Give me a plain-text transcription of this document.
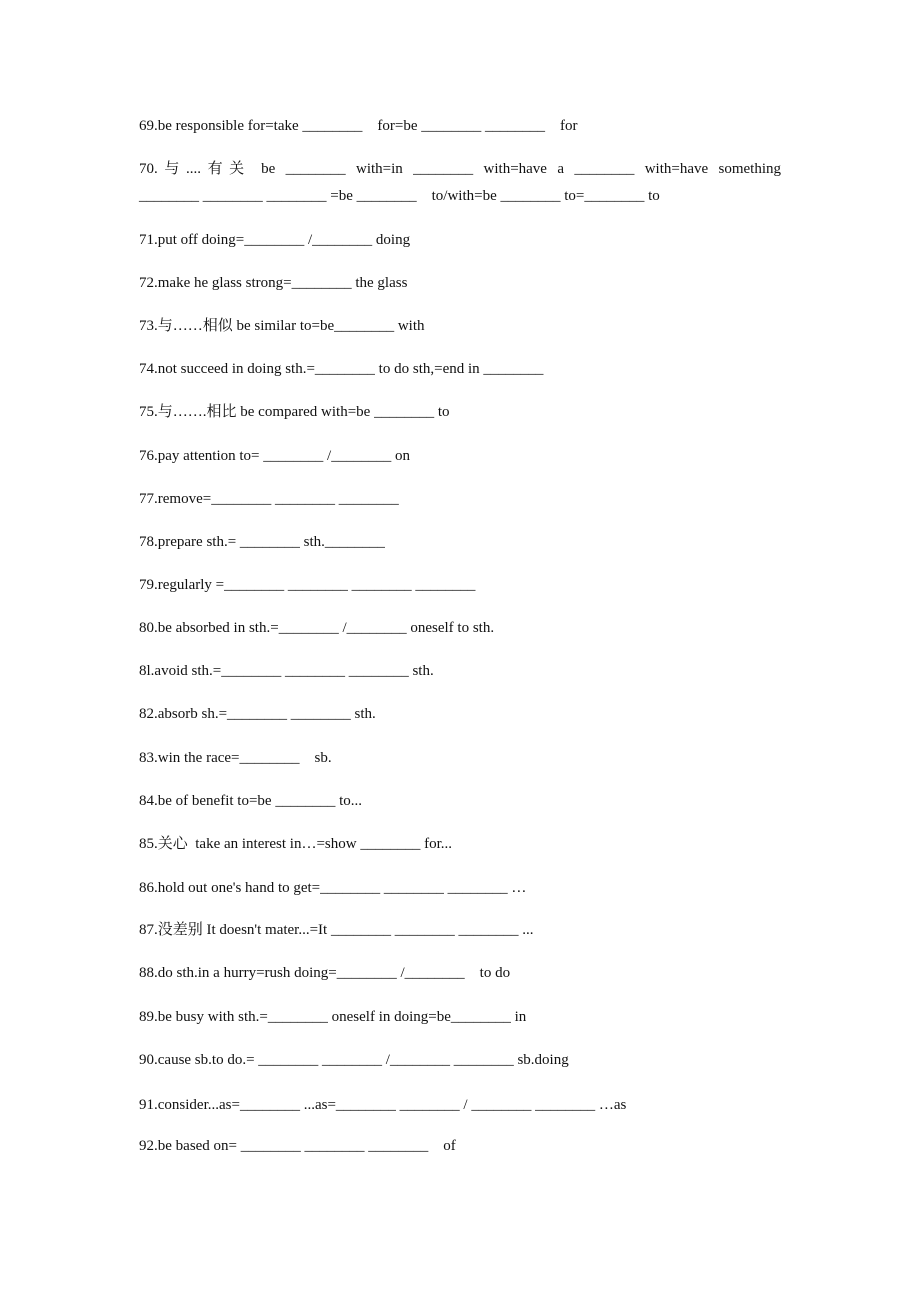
69.be responsible for=take ________    for=be ________ ________    for
70.与....有关 be ________ with=in ________ with=have a ________ with=have something
________ ________ ________ =be ________    to/with=be ________ to=________ to
71.put off doing=________ /________ doing
72.make he glass strong=________ the glass
73.与……相似 be similar to=be________ with
74.not succeed in doing sth.=________ to do sth,=end in ________
75.与…….相比 be compared with=be ________ to
76.pay attention to= ________ /________ on
77.remove=________ ________ ________
78.prepare sth.= ________ sth.________
79.regularly =________ ________ ________ ________
80.be absorbed in sth.=________ /________ oneself to sth.
8l.avoid sth.=________ ________ ________ sth.
82.absorb sh.=________ ________ sth.
83.win the race=________    sb.
84.be of benefit to=be ________ to...
85.关心  take an interest in…=show ________ for...
86.hold out one's hand to get=________ ________ ________ …
87.没差别 It doesn't mater...=It ________ ________ ________ ...
88.do sth.in a hurry=rush doing=________ /________    to do
89.be busy with sth.=________ oneself in doing=be________ in
90.cause sb.to do.= ________ ________ /________ ________ sb.doing
91.consider...as=________ ...as=________ ________ / ________ ________ …as
92.be based on= ________ ________ ________    of
